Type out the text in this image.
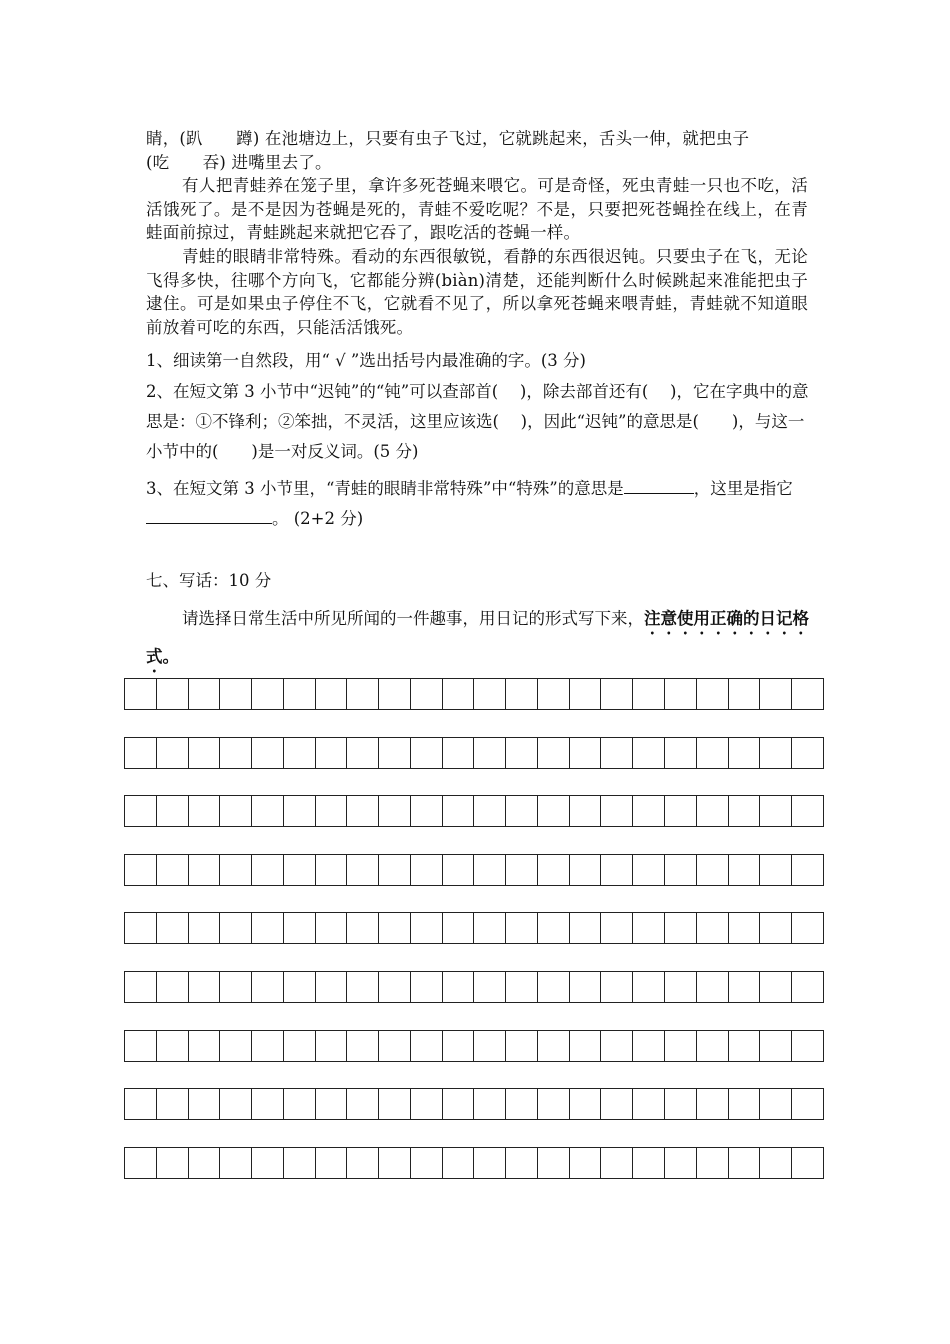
睛，(趴　　蹲) 在池塘边上，只要有虫子飞过，它就跳起来，舌头一伸，就把虫子

(吃　　吞) 进嘴里去了。

有人把青蛙养在笼子里，拿许多死苍蝇来喂它。可是奇怪，死虫青蛙一只也不吃，活活饿死了。是不是因为苍蝇是死的，青蛙不爱吃呢？不是，只要把死苍蝇拴在线上，在青蛙面前掠过，青蛙跳起来就把它吞了，跟吃活的苍蝇一样。

青蛙的眼睛非常特殊。看动的东西很敏锐，看静的东西很迟钝。只要虫子在飞，无论飞得多快，往哪个方向飞，它都能分辨(biàn)清楚，还能判断什么时候跳起来准能把虫子逮住。可是如果虫子停住不飞，它就看不见了，所以拿死苍蝇来喂青蛙，青蛙就不知道眼前放着可吃的东西，只能活活饿死。

1、细读第一自然段，用“ √ ”选出括号内最准确的字。(3 分)
2、在短文第 3 小节中“迟钝”的“钝”可以查部首(　 )，除去部首还有(　 )，它在字典中的意思是：①不锋利；②笨拙，不灵活，这里应该选(　 )，因此“迟钝”的意思是(　　)，与这一小节中的(　　)是一对反义词。(5 分)
3、在短文第 3 小节里，“青蛙的眼睛非常特殊”中“特殊”的意思是	，这里是指它。 (2+2 分)
七、写话：10 分
请选择日常生活中所见所闻的一件趣事，用日记的形式写下来，注意使用正确的日记格式。
